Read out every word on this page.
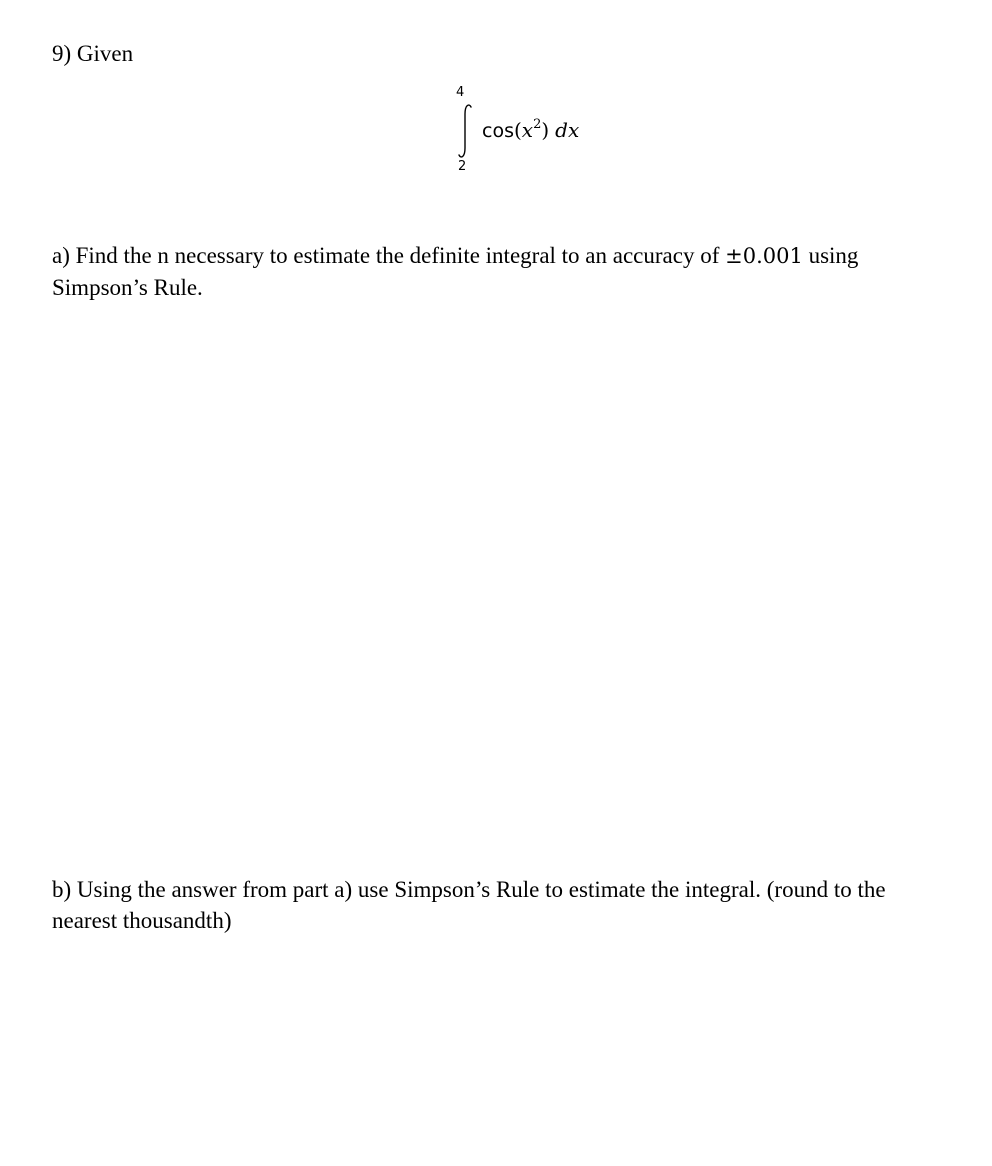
9) Given
4
2
$\cos(x^2)$ dx
a) Find the n necessary to estimate the definite integral to an accuracy of ±0.001 using Simpson’s Rule.
b) Using the answer from part a) use Simpson’s Rule to estimate the integral. (round to the nearest thousandth)
